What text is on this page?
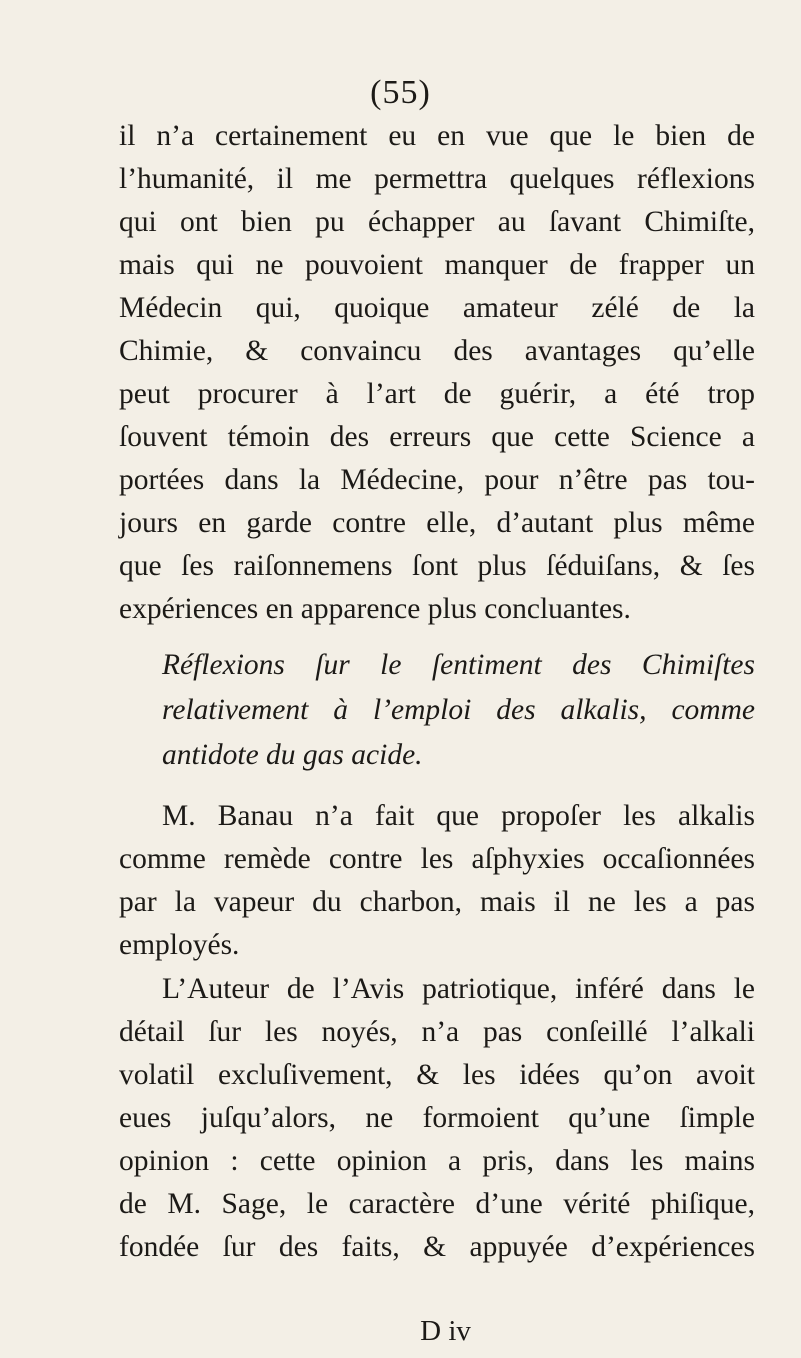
(55)
il n’a certainement eu en vue que le bien de
l’humanité, il me permettra quelques réflexions
qui ont bien pu échapper au ſavant Chimiſte,
mais qui ne pouvoient manquer de frapper un
Médecin qui, quoique amateur zélé de la
Chimie, & convaincu des avantages qu’elle
peut procurer à l’art de guérir, a été trop
ſouvent témoin des erreurs que cette Science a
portées dans la Médecine, pour n’être pas tou-
jours en garde contre elle, d’autant plus même
que ſes raiſonnemens ſont plus ſéduiſans, & ſes
expériences en apparence plus concluantes.
Réflexions ſur le ſentiment des Chimiſtes
relativement à l’emploi des alkalis, comme
antidote du gas acide.
M. Banau n’a fait que propoſer les alkalis
comme remède contre les aſphyxies occaſionnées
par la vapeur du charbon, mais il ne les a pas
employés.
L’Auteur de l’Avis patriotique, inféré dans le
détail ſur les noyés, n’a pas conſeillé l’alkali
volatil excluſivement, & les idées qu’on avoit
eues juſqu’alors, ne formoient qu’une ſimple
opinion : cette opinion a pris, dans les mains
de M. Sage, le caractère d’une vérité phiſique,
fondée ſur des faits, & appuyée d’expériences
D iv
